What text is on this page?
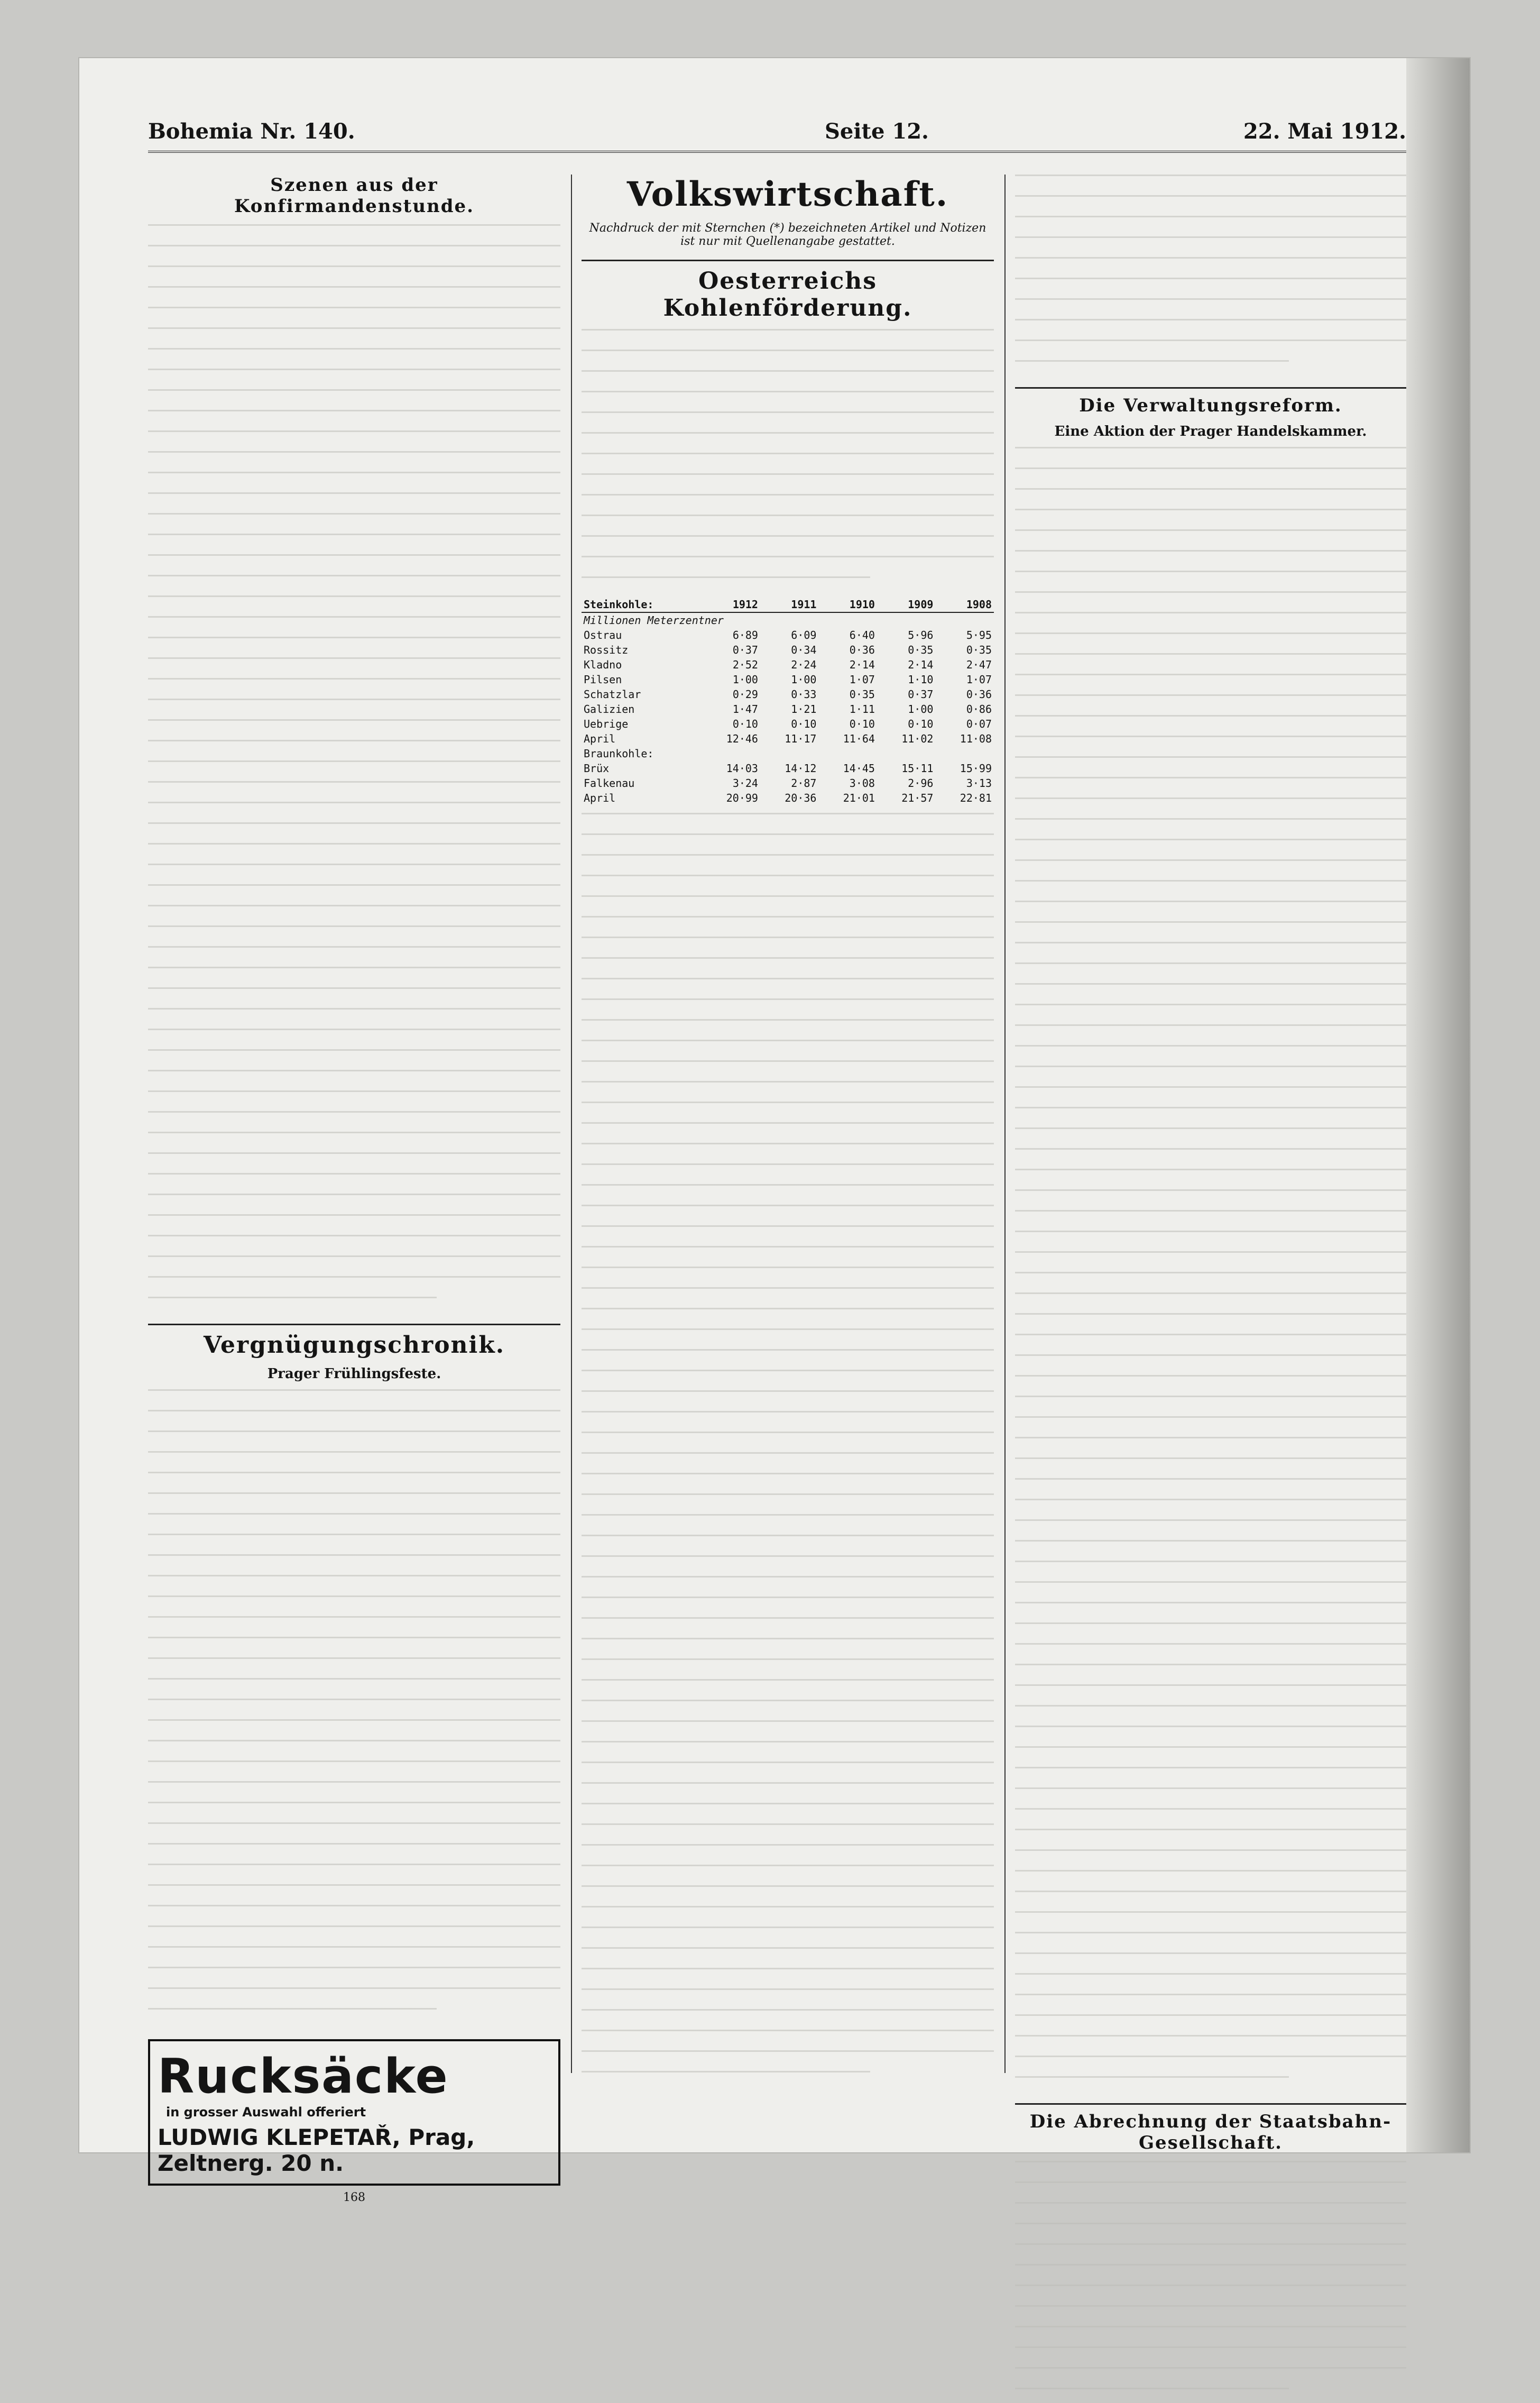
Bohemia Nr. 140.	Seite 12.	22. Mai 1912.
Szenen aus der Konfirmandenstunde.
Vergnügungschronik.
Prager Frühlingsfeste.
Rucksäcke in grosser Auswahl offeriert
LUDWIG KLEPETAŘ, Prag, Zeltnerg. 20 n.
168
Volkswirtschaft.
Nachdruck der mit Sternchen (*) bezeichneten Artikel und Notizen ist nur mit Quellenangabe gestattet.
Oesterreichs Kohlenförderung.
Steinkohle:	1912	1911	1910	1909	1908
Millionen Meterzentner					
Ostrau	6·89	6·09	6·40	5·96	5·95
Rossitz	0·37	0·34	0·36	0·35	0·35
Kladno	2·52	2·24	2·14	2·14	2·47
Pilsen	1·00	1·00	1·07	1·10	1·07
Schatzlar	0·29	0·33	0·35	0·37	0·36
Galizien	1·47	1·21	1·11	1·00	0·86
Uebrige	0·10	0·10	0·10	0·10	0·07
April	12·46	11·17	11·64	11·02	11·08
Braunkohle:					
Brüx	14·03	14·12	14·45	15·11	15·99
Falkenau	3·24	2·87	3·08	2·96	3·13
April	20·99	20·36	21·01	21·57	22·81
Die Verwaltungsreform.
Eine Aktion der Prager Handelskammer.
Die Abrechnung der Staatsbahn-Gesellschaft.
